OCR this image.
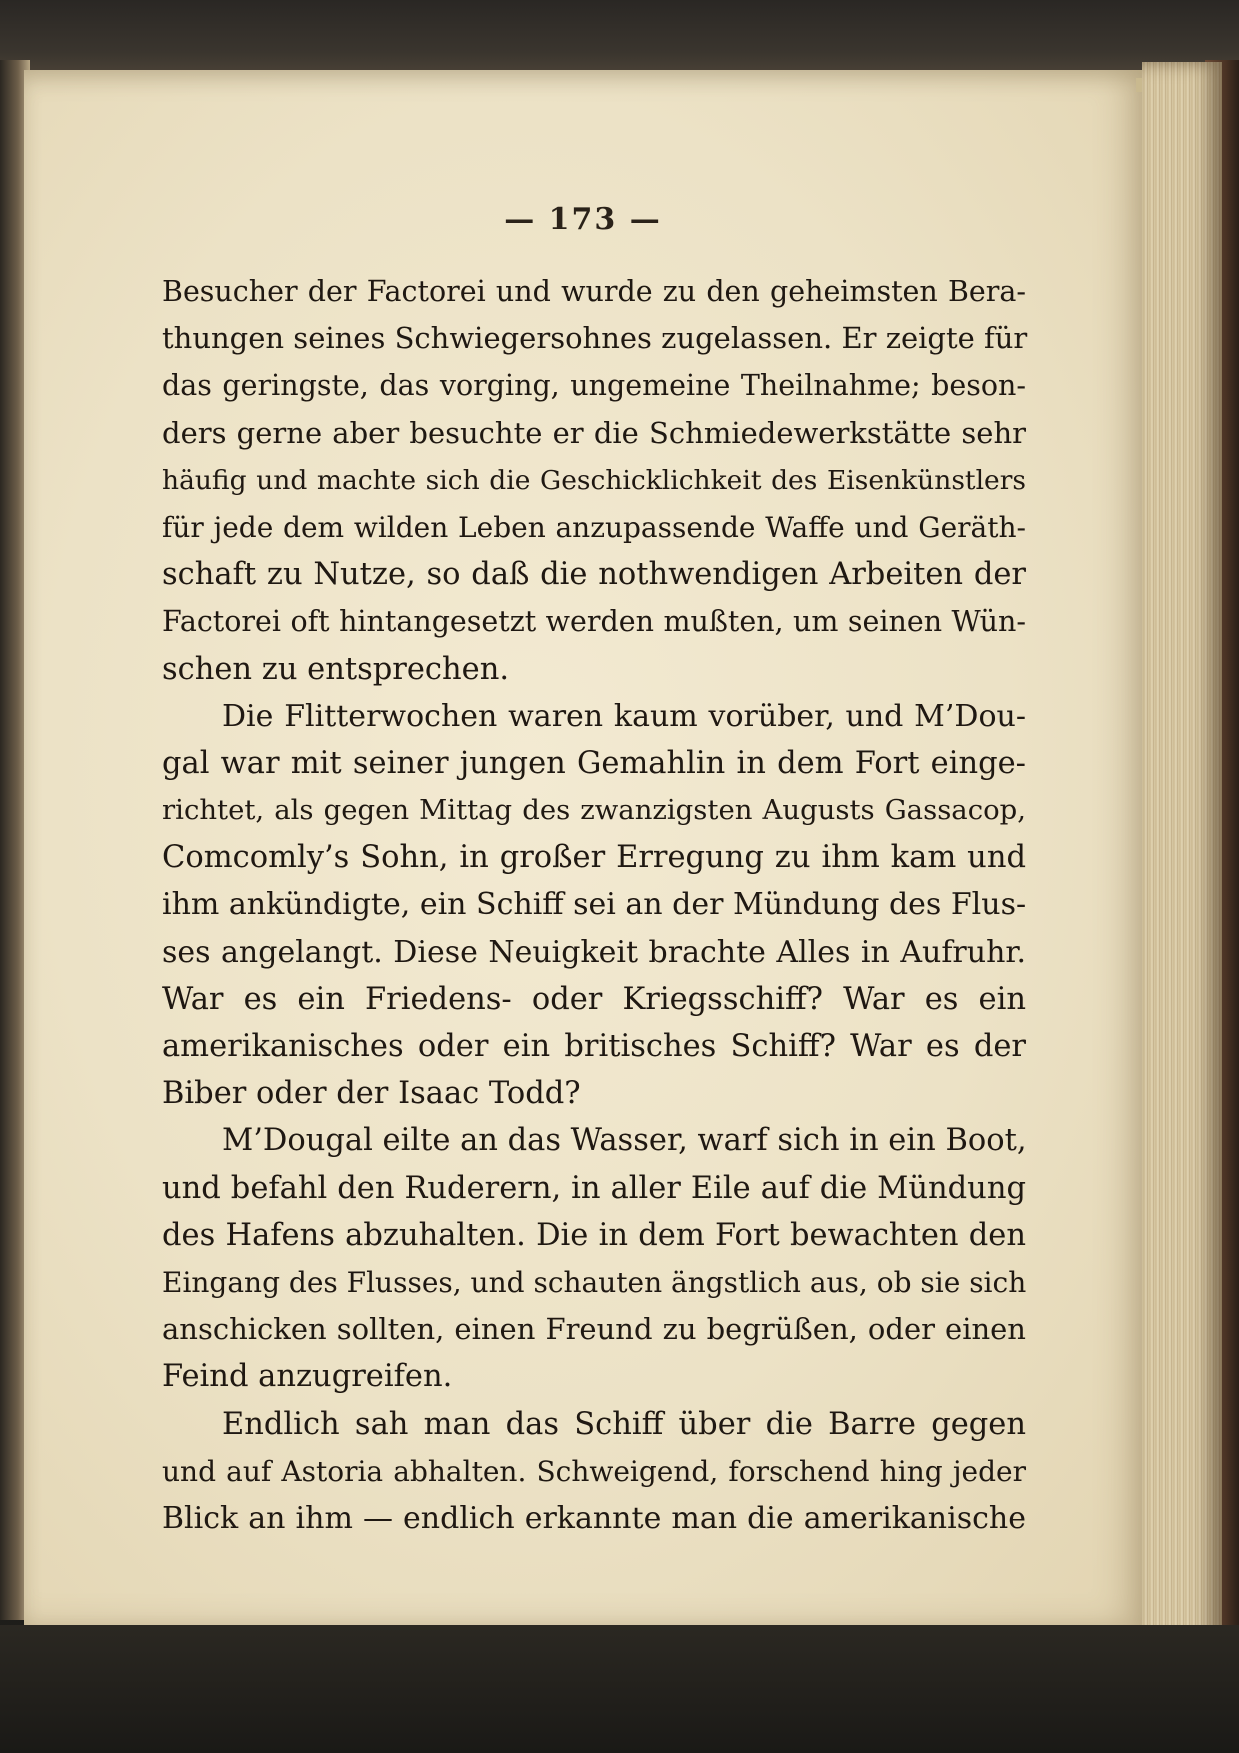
— 173 —
Besucher der Factorei und wurde zu den geheimsten Bera-
thungen seines Schwiegersohnes zugelassen. Er zeigte für
das geringste, das vorging, ungemeine Theilnahme; beson-
ders gerne aber besuchte er die Schmiedewerkstätte sehr
häufig und machte sich die Geschicklichkeit des Eisenkünstlers
für jede dem wilden Leben anzupassende Waffe und Geräth-
schaft zu Nutze, so daß die nothwendigen Arbeiten der
Factorei oft hintangesetzt werden mußten, um seinen Wün-
schen zu entsprechen.
Die Flitterwochen waren kaum vorüber, und M’Dou-
gal war mit seiner jungen Gemahlin in dem Fort einge-
richtet, als gegen Mittag des zwanzigsten Augusts Gassacop,
Comcomly’s Sohn, in großer Erregung zu ihm kam und
ihm ankündigte, ein Schiff sei an der Mündung des Flus-
ses angelangt. Diese Neuigkeit brachte Alles in Aufruhr.
War es ein Friedens- oder Kriegsschiff? War es ein
amerikanisches oder ein britisches Schiff? War es der
Biber oder der Isaac Todd?
M’Dougal eilte an das Wasser, warf sich in ein Boot,
und befahl den Ruderern, in aller Eile auf die Mündung
des Hafens abzuhalten. Die in dem Fort bewachten den
Eingang des Flusses, und schauten ängstlich aus, ob sie sich
anschicken sollten, einen Freund zu begrüßen, oder einen
Feind anzugreifen.
Endlich sah man das Schiff über die Barre gegen
und auf Astoria abhalten. Schweigend, forschend hing jeder
Blick an ihm — endlich erkannte man die amerikanische
